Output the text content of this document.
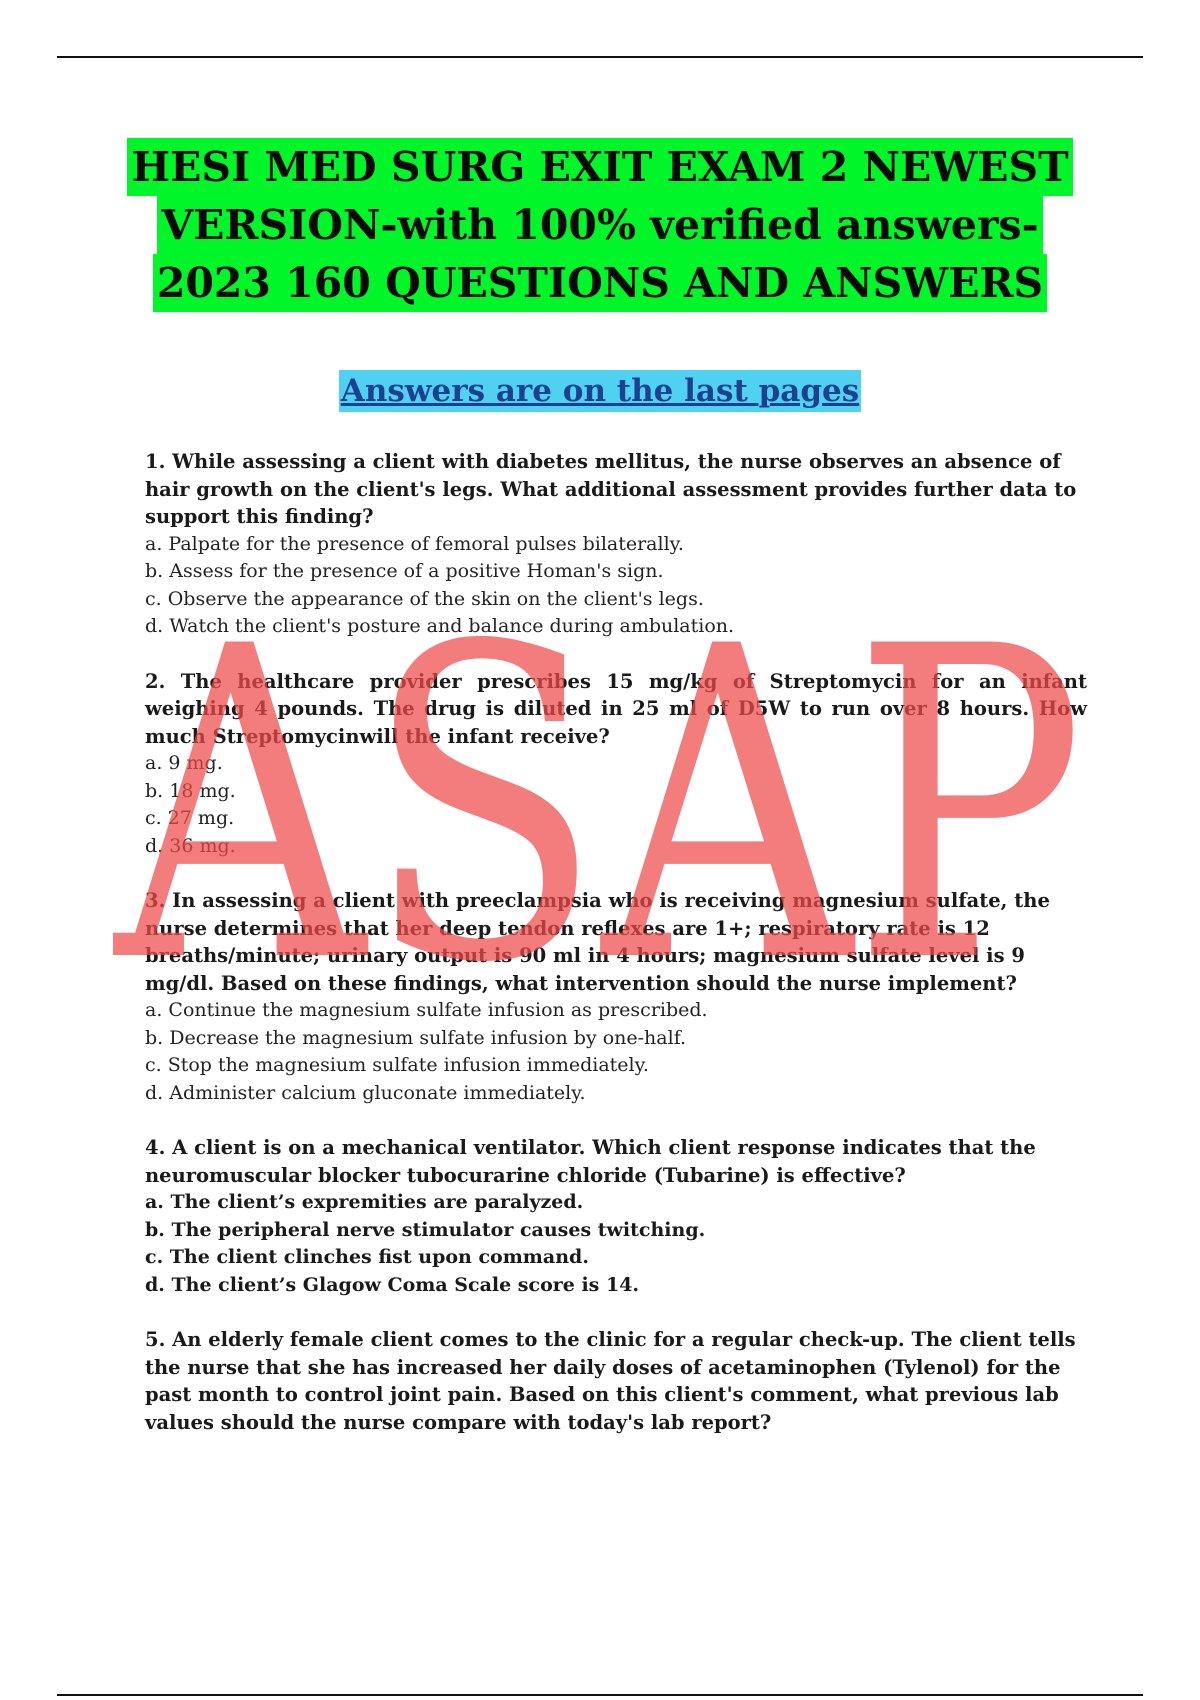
HESI MED SURG EXIT EXAM 2 NEWEST
VERSION-with 100% verified answers-
2023 160 QUESTIONS AND ANSWERS
Answers are on the last pages

1. While assessing a client with diabetes mellitus, the nurse observes an absence of hair growth on the client's legs. What additional assessment provides further data to support this finding?

a. Palpate for the presence of femoral pulses bilaterally.
b. Assess for the presence of a positive Homan's sign.
c. Observe the appearance of the skin on the client's legs.
d. Watch the client's posture and balance during ambulation.

2. The healthcare provider prescribes 15 mg/kg of Streptomycin for an infant weighing 4 pounds. The drug is diluted in 25 ml of D5W to run over 8 hours. How much Streptomycinwill the infant receive?

a. 9 mg.
b. 18 mg.
c. 27 mg.
d. 36 mg.

3. In assessing a client with preeclampsia who is receiving magnesium sulfate, the nurse determines that her deep tendon reflexes are 1+; respiratory rate is 12 breaths/minute; urinary output is 90 ml in 4 hours; magnesium sulfate level is 9 mg/dl. Based on these findings, what intervention should the nurse implement?

a. Continue the magnesium sulfate infusion as prescribed.
b. Decrease the magnesium sulfate infusion by one-half.
c. Stop the magnesium sulfate infusion immediately.
d. Administer calcium gluconate immediately.

4. A client is on a mechanical ventilator. Which client response indicates that the neuromuscular blocker tubocurarine chloride (Tubarine) is effective?

a. The client’s expremities are paralyzed.
b. The peripheral nerve stimulator causes twitching.
c. The client clinches fist upon command.
d. The client’s Glagow Coma Scale score is 14.

5. An elderly female client comes to the clinic for a regular check-up. The client tells the nurse that she has increased her daily doses of acetaminophen (Tylenol) for the past month to control joint pain. Based on this client's comment, what previous lab values should the nurse compare with today's lab report?

ASAP
